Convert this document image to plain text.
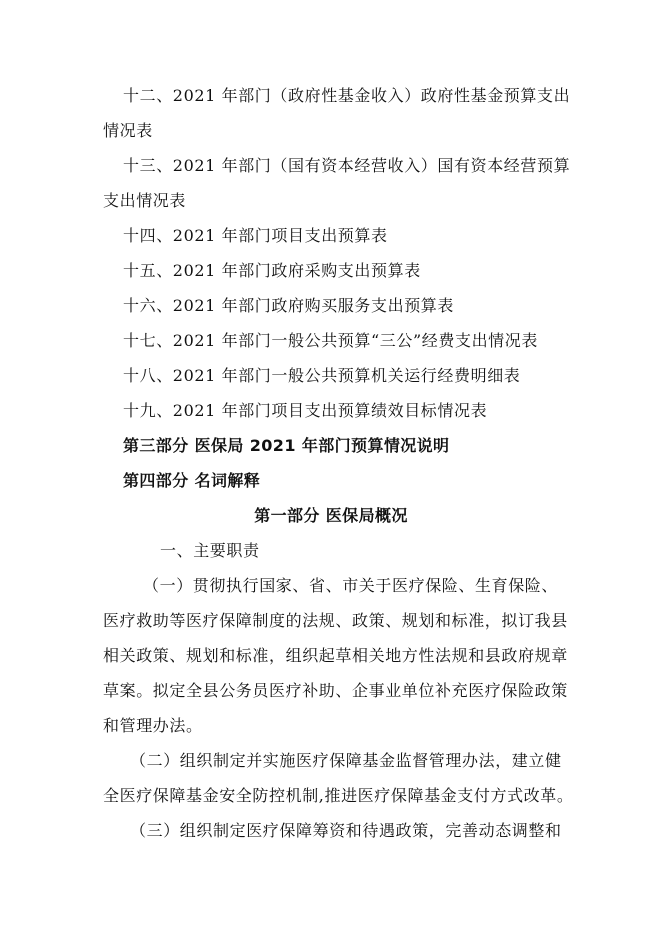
十二、2021 年部门（政府性基金收入）政府性基金预算支出
情况表
十三、2021 年部门（国有资本经营收入）国有资本经营预算
支出情况表
十四、2021 年部门项目支出预算表
十五、2021 年部门政府采购支出预算表
十六、2021 年部门政府购买服务支出预算表
十七、2021 年部门一般公共预算“三公”经费支出情况表
十八、2021 年部门一般公共预算机关运行经费明细表
十九、2021 年部门项目支出预算绩效目标情况表
第三部分 医保局 2021 年部门预算情况说明
第四部分 名词解释
第一部分 医保局概况
一、主要职责
（一）贯彻执行国家、省、市关于医疗保险、生育保险、
医疗救助等医疗保障制度的法规、政策、规划和标准，拟订我县
相关政策、规划和标准，组织起草相关地方性法规和县政府规章
草案。拟定全县公务员医疗补助、企事业单位补充医疗保险政策
和管理办法。
（二）组织制定并实施医疗保障基金监督管理办法，建立健
全医疗保障基金安全防控机制,推进医疗保障基金支付方式改革。
（三）组织制定医疗保障筹资和待遇政策，完善动态调整和
